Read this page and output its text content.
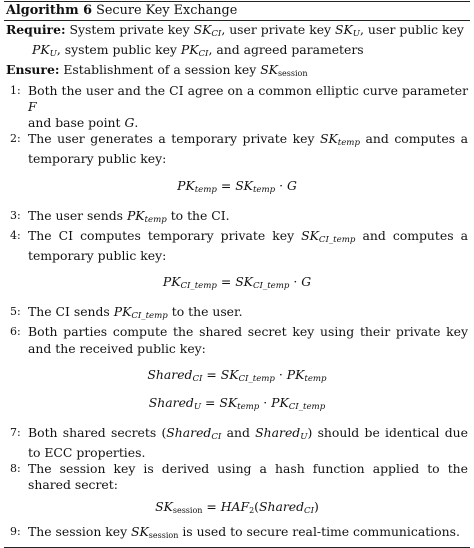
Algorithm 6 Secure Key Exchange
Require: System private key $SK_{CI}$, user private key $SK_U$, user public key
$PK_U$, system public key $PK_{CI}$, and agreed parameters
Ensure: Establishment of a session key $SK_{session}$
1: Both the user and the CI agree on a common elliptic curve parameter F
and base point G.
2: The user generates a temporary private key $SK_{temp}$ and computes a temporary public key:
$PK_{temp} = SK_{temp} \cdot G$
3: The user sends $PK_{temp}$ to the CI.
4: The CI computes temporary private key $SK_{CI\_temp}$ and computes a temporary public key:
$PK_{CI\_temp} = SK_{CI\_temp} \cdot G$
5: The CI sends $PK_{CI\_temp}$ to the user.
6: Both parties compute the shared secret key using their private key and the received public key:
Shared$_{CI}$ = $SK_{CI\_temp} \cdot PK_{temp}$
Shared$_U$ = $SK_{temp} \cdot PK_{CI\_temp}$
7: Both shared secrets (Shared$_{CI}$ and Shared$_U$) should be identical due to ECC properties.
8: The session key is derived using a hash function applied to the shared secret:
$SK_{session}$ = $HAF_2(Shared_{CI})$
9: The session key $SK_{session}$ is used to secure real-time communications.
